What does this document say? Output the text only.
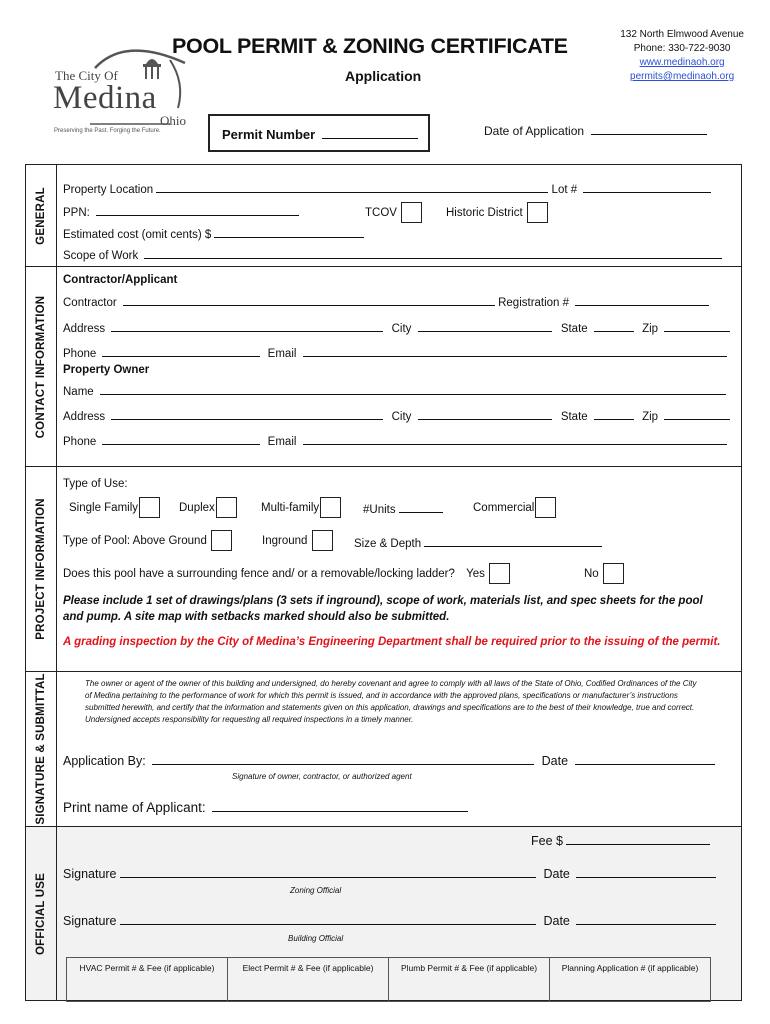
The City Of
Medina
Ohio
Preserving the Past. Forging the Future.
POOL PERMIT & ZONING CERTIFICATE
Application
132 North Elmwood Avenue
Phone: 330-722-9030
www.medinaoh.org
permits@medinaoh.org
Permit Number	Date of Application
GENERAL Property Location	Lot #
PPN:	TCOV	Historic District
Estimated cost (omit cents) $
Scope of Work
CONTACT INFORMATION
Contractor/Applicant
Contractor	Registration #
Address	City	State	Zip
Phone	Email
Property Owner
Name
Address	City	State	Zip
Phone	Email
PROJECT INFORMATION
Type of Use:
Single Family	Duplex	Multi-family	#Units	Commercial
Type of Pool: Above Ground	Inground	Size & Depth
Does this pool have a surrounding fence and/ or a removable/locking ladder? Yes	No
Please include 1 set of drawings/plans (3 sets if inground), scope of work, materials list, and spec sheets for the pool and pump. A site map with setbacks marked should also be submitted.
A grading inspection by the City of Medina’s Engineering Department shall be required prior to the issuing of the permit.
SIGNATURE & SUBMITTAL	The owner or agent of the owner of this building and undersigned, do hereby covenant and agree to comply with all laws of the State of Ohio, Codified Ordinances of the City of Medina pertaining to the performance of work for which this permit is issued, and in accordance with the approved plans, specifications or manufacturer’s instructions submitted herewith, and certify that the information and statements given on this application, drawings and specifications are to the best of their knowledge, true and correct. Undersigned accepts responsibility for requesting all required inspections in a timely manner.
Application By:	Date
Signature of owner, contractor, or authorized agent
Print name of Applicant:
OFFICIAL USE
Fee $
Signature	Date
Zoning Official
Signature	Date
Building Official
HVAC Permit # & Fee (if applicable)	Elect Permit # & Fee (if applicable)	Plumb Permit # & Fee (if applicable)	Planning Application # (if applicable)
